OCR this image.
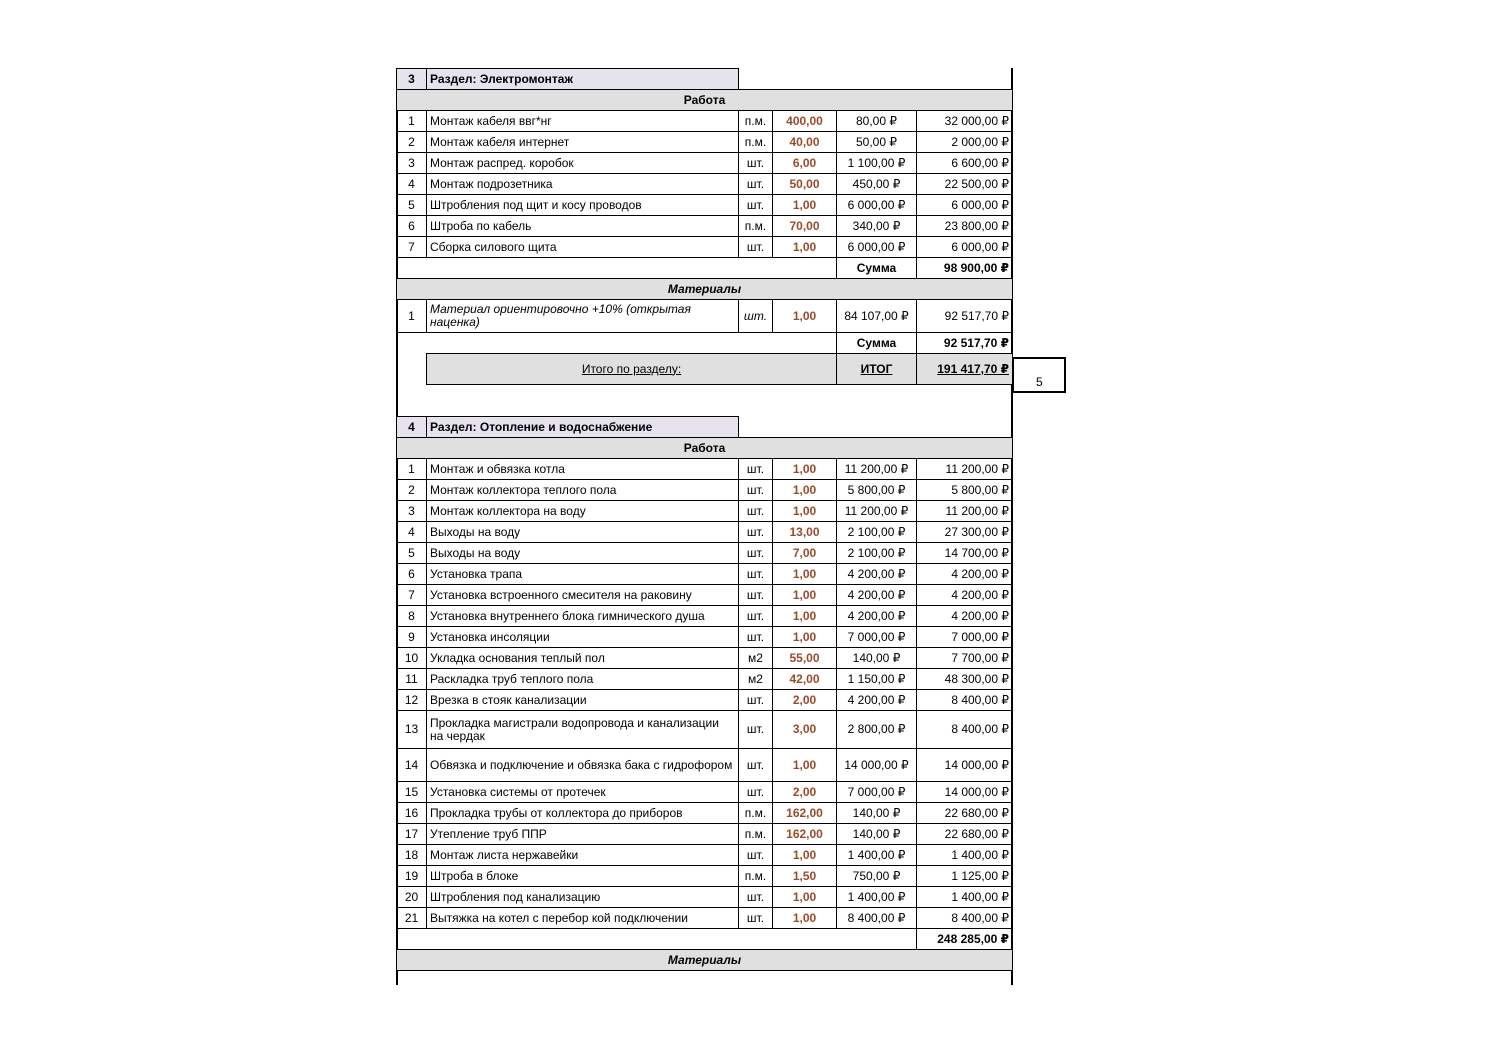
3	Раздел: Электромонтаж				
Работа					
1	Монтаж кабеля ввг*нг	п.м.	400,00	80,00 ₽	32 000,00 ₽
2	Монтаж кабеля интернет	п.м.	40,00	50,00 ₽	2 000,00 ₽
3	Монтаж распред. коробок	шт.	6,00	1 100,00 ₽	6 600,00 ₽
4	Монтаж подрозетника	шт.	50,00	450,00 ₽	22 500,00 ₽
5	Штробления под щит и косу проводов	шт.	1,00	6 000,00 ₽	6 000,00 ₽
6	Штроба по кабель	п.м.	70,00	340,00 ₽	23 800,00 ₽
7	Сборка силового щита	шт.	1,00	6 000,00 ₽	6 000,00 ₽
				Сумма	98 900,00 ₽
Материалы					
1	Материал ориентировочно +10% (открытая наценка)	шт.	1,00	84 107,00 ₽	92 517,70 ₽
				Сумма	92 517,70 ₽
	Итого по разделу:			ИТОГ	191 417,70 ₽

4	Раздел: Отопление и водоснабжение				
Работа					
1	Монтаж и обвязка котла	шт.	1,00	11 200,00 ₽	11 200,00 ₽
2	Монтаж коллектора теплого пола	шт.	1,00	5 800,00 ₽	5 800,00 ₽
3	Монтаж коллектора на воду	шт.	1,00	11 200,00 ₽	11 200,00 ₽
4	Выходы на воду	шт.	13,00	2 100,00 ₽	27 300,00 ₽
5	Выходы на воду	шт.	7,00	2 100,00 ₽	14 700,00 ₽
6	Установка трапа	шт.	1,00	4 200,00 ₽	4 200,00 ₽
7	Установка встроенного смесителя на раковину	шт.	1,00	4 200,00 ₽	4 200,00 ₽
8	Установка внутреннего блока гимнического душа	шт.	1,00	4 200,00 ₽	4 200,00 ₽
9	Установка инсоляции	шт.	1,00	7 000,00 ₽	7 000,00 ₽
10	Укладка основания теплый пол	м2	55,00	140,00 ₽	7 700,00 ₽
11	Раскладка труб теплого пола	м2	42,00	1 150,00 ₽	48 300,00 ₽
12	Врезка в стояк канализации	шт.	2,00	4 200,00 ₽	8 400,00 ₽
13	Прокладка магистрали водопровода и канализации на чердак	шт.	3,00	2 800,00 ₽	8 400,00 ₽
14	Обвязка и подключение и обвязка бака с гидрофором	шт.	1,00	14 000,00 ₽	14 000,00 ₽
15	Установка системы от протечек	шт.	2,00	7 000,00 ₽	14 000,00 ₽
16	Прокладка трубы от коллектора до приборов	п.м.	162,00	140,00 ₽	22 680,00 ₽
17	Утепление труб ППР	п.м.	162,00	140,00 ₽	22 680,00 ₽
18	Монтаж листа нержавейки	шт.	1,00	1 400,00 ₽	1 400,00 ₽
19	Штроба в блоке	п.м.	1,50	750,00 ₽	1 125,00 ₽
20	Штробления под канализацию	шт.	1,00	1 400,00 ₽	1 400,00 ₽
21	Вытяжка на котел с перебор кой подключении	шт.	1,00	8 400,00 ₽	8 400,00 ₽
					248 285,00 ₽
Материалы					
5
